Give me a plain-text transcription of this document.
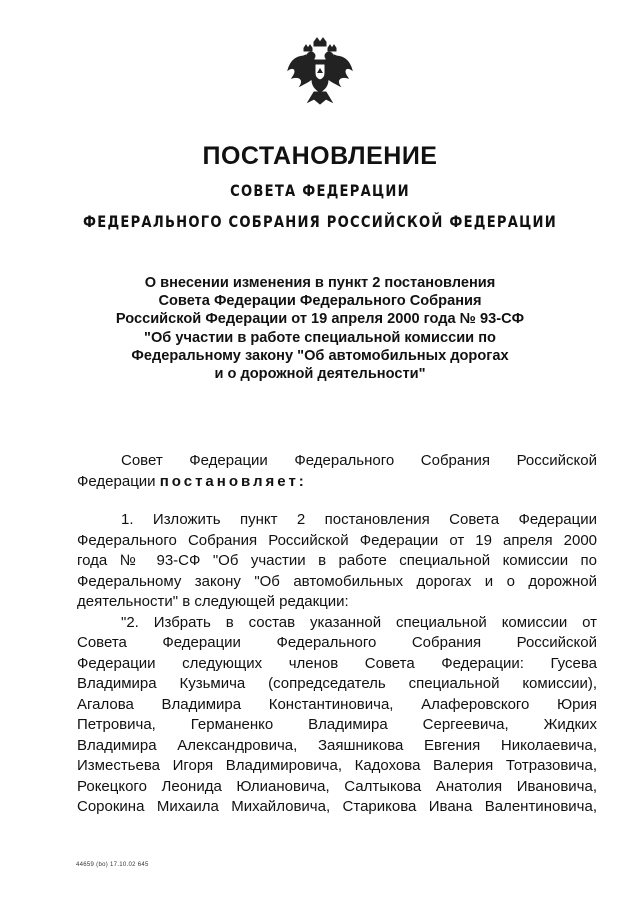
ПОСТАНОВЛЕНИЕ
СОВЕТА ФЕДЕРАЦИИ
ФЕДЕРАЛЬНОГО СОБРАНИЯ РОССИЙСКОЙ ФЕДЕРАЦИИ
О внесении изменения в пункт 2 постановления
Совета Федерации Федерального Собрания
Российской Федерации от 19 апреля 2000 года № 93-СФ
"Об участии в работе специальной комиссии по
Федеральному закону "Об автомобильных дорогах
и о дорожной деятельности"
Совет Федерации Федерального Собрания Российской
Федерации постановляет:
1. Изложить пункт 2 постановления Совета Федерации
Федерального Собрания Российской Федерации от 19 апреля 2000
года № 93-СФ "Об участии в работе специальной комиссии по
Федеральному закону "Об автомобильных дорогах и о дорожной
деятельности" в следующей редакции:
"2. Избрать в состав указанной специальной комиссии от
Совета Федерации Федерального Собрания Российской
Федерации следующих членов Совета Федерации: Гусева
Владимира Кузьмича (сопредседатель специальной комиссии),
Агалова Владимира Константиновича, Алаферовского Юрия
Петровича, Германенко Владимира Сергеевича, Жидких
Владимира Александровича, Заяшникова Евгения Николаевича,
Изместьева Игоря Владимировича, Кадохова Валерия Тотразовича,
Рокецкого Леонида Юлиановича, Салтыкова Анатолия Ивановича,
Сорокина Михаила Михайловича, Старикова Ивана Валентиновича,
44659 (bo) 17.10.02 645
